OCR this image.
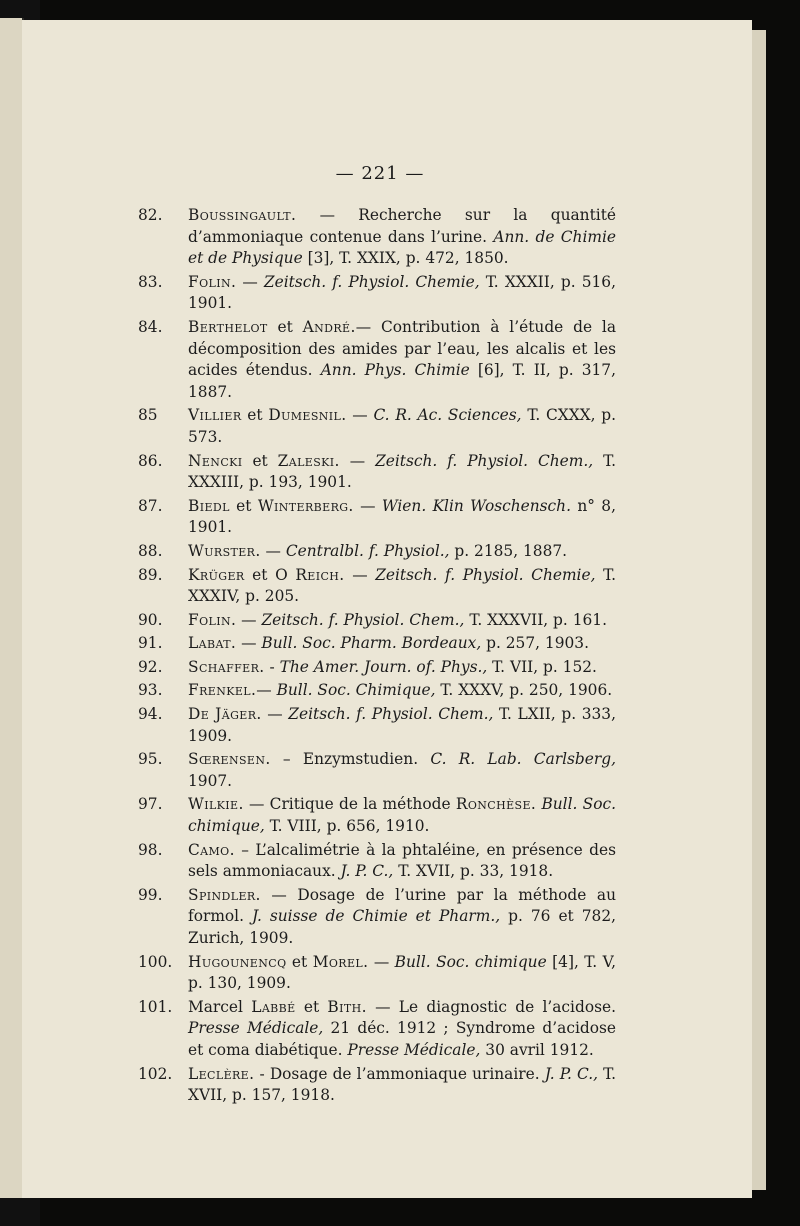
— 221 —
82.	Boussingault. — Recherche sur la quantité d’ammoniaque contenue dans l’urine. Ann. de Chimie et de Physique [3], T. XXIX, p. 472, 1850.
83.	Folin. — Zeitsch. f. Physiol. Chemie, T. XXXII, p. 516, 1901.
84.	Berthelot et André.— Contribution à l’étude de la décomposition des amides par l’eau, les alcalis et les acides étendus. Ann. Phys. Chimie [6], T. II, p. 317, 1887.
85	Villier et Dumesnil. — C. R. Ac. Sciences, T. CXXX, p. 573.
86.	Nencki et Zaleski. — Zeitsch. f. Physiol. Chem., T. XXXIII, p. 193, 1901.
87.	Biedl et Winterberg. — Wien. Klin Woschensch. n° 8, 1901.
88.	Wurster. — Centralbl. f. Physiol., p. 2185, 1887.
89.	Krüger et O Reich. — Zeitsch. f. Physiol. Chemie, T. XXXIV, p. 205.
90.	Folin. — Zeitsch. f. Physiol. Chem., T. XXXVII, p. 161.
91.	Labat. — Bull. Soc. Pharm. Bordeaux, p. 257, 1903.
92.	Schaffer. - The Amer. Journ. of. Phys., T. VII, p. 152.
93.	Frenkel.— Bull. Soc. Chimique, T. XXXV, p. 250, 1906.
94.	De Jäger. — Zeitsch. f. Physiol. Chem., T. LXII, p. 333, 1909.
95.	Sœrensen. – Enzymstudien. C. R. Lab. Carlsberg, 1907.
97.	Wilkie. — Critique de la méthode Ronchèse. Bull. Soc. chimique, T. VIII, p. 656, 1910.
98.	Camo. – L’alcalimétrie à la phtaléine, en présence des sels ammoniacaux. J. P. C., T. XVII, p. 33, 1918.
99.	Spindler. — Dosage de l’urine par la méthode au formol. J. suisse de Chimie et Pharm., p. 76 et 782, Zurich, 1909.
100.	Hugounencq et Morel. — Bull. Soc. chimique [4], T. V, p. 130, 1909.
101.	Marcel Labbé et Bith. — Le diagnostic de l’acidose. Presse Médicale, 21 déc. 1912 ; Syndrome d’acidose et coma diabétique. Presse Médicale, 30 avril 1912.
102.	Leclère. - Dosage de l’ammoniaque urinaire. J. P. C., T. XVII, p. 157, 1918.
